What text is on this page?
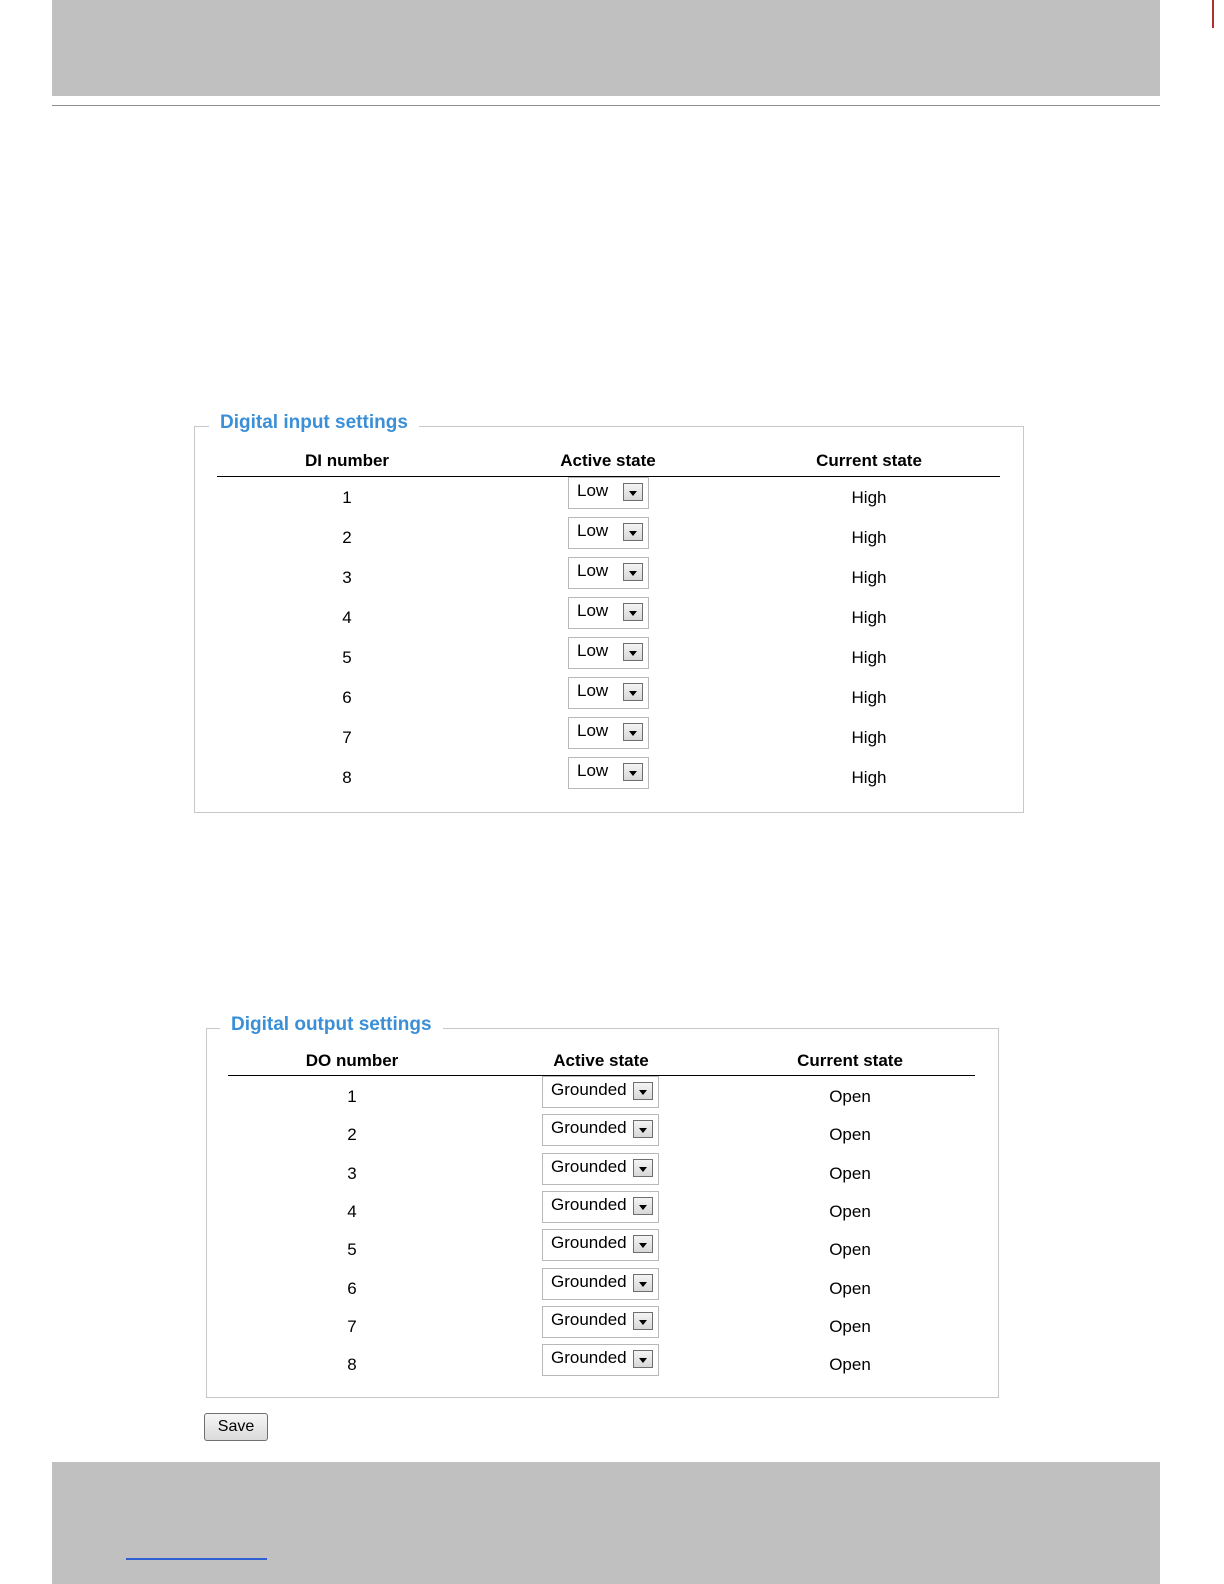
Digital input settings
DI number	Active state	Current state
1	Low	High
2	Low	High
3	Low	High
4	Low	High
5	Low	High
6	Low	High
7	Low	High
8	Low	High
Digital output settings
DO number	Active state	Current state
1	Grounded	Open
2	Grounded	Open
3	Grounded	Open
4	Grounded	Open
5	Grounded	Open
6	Grounded	Open
7	Grounded	Open
8	Grounded	Open
Save
